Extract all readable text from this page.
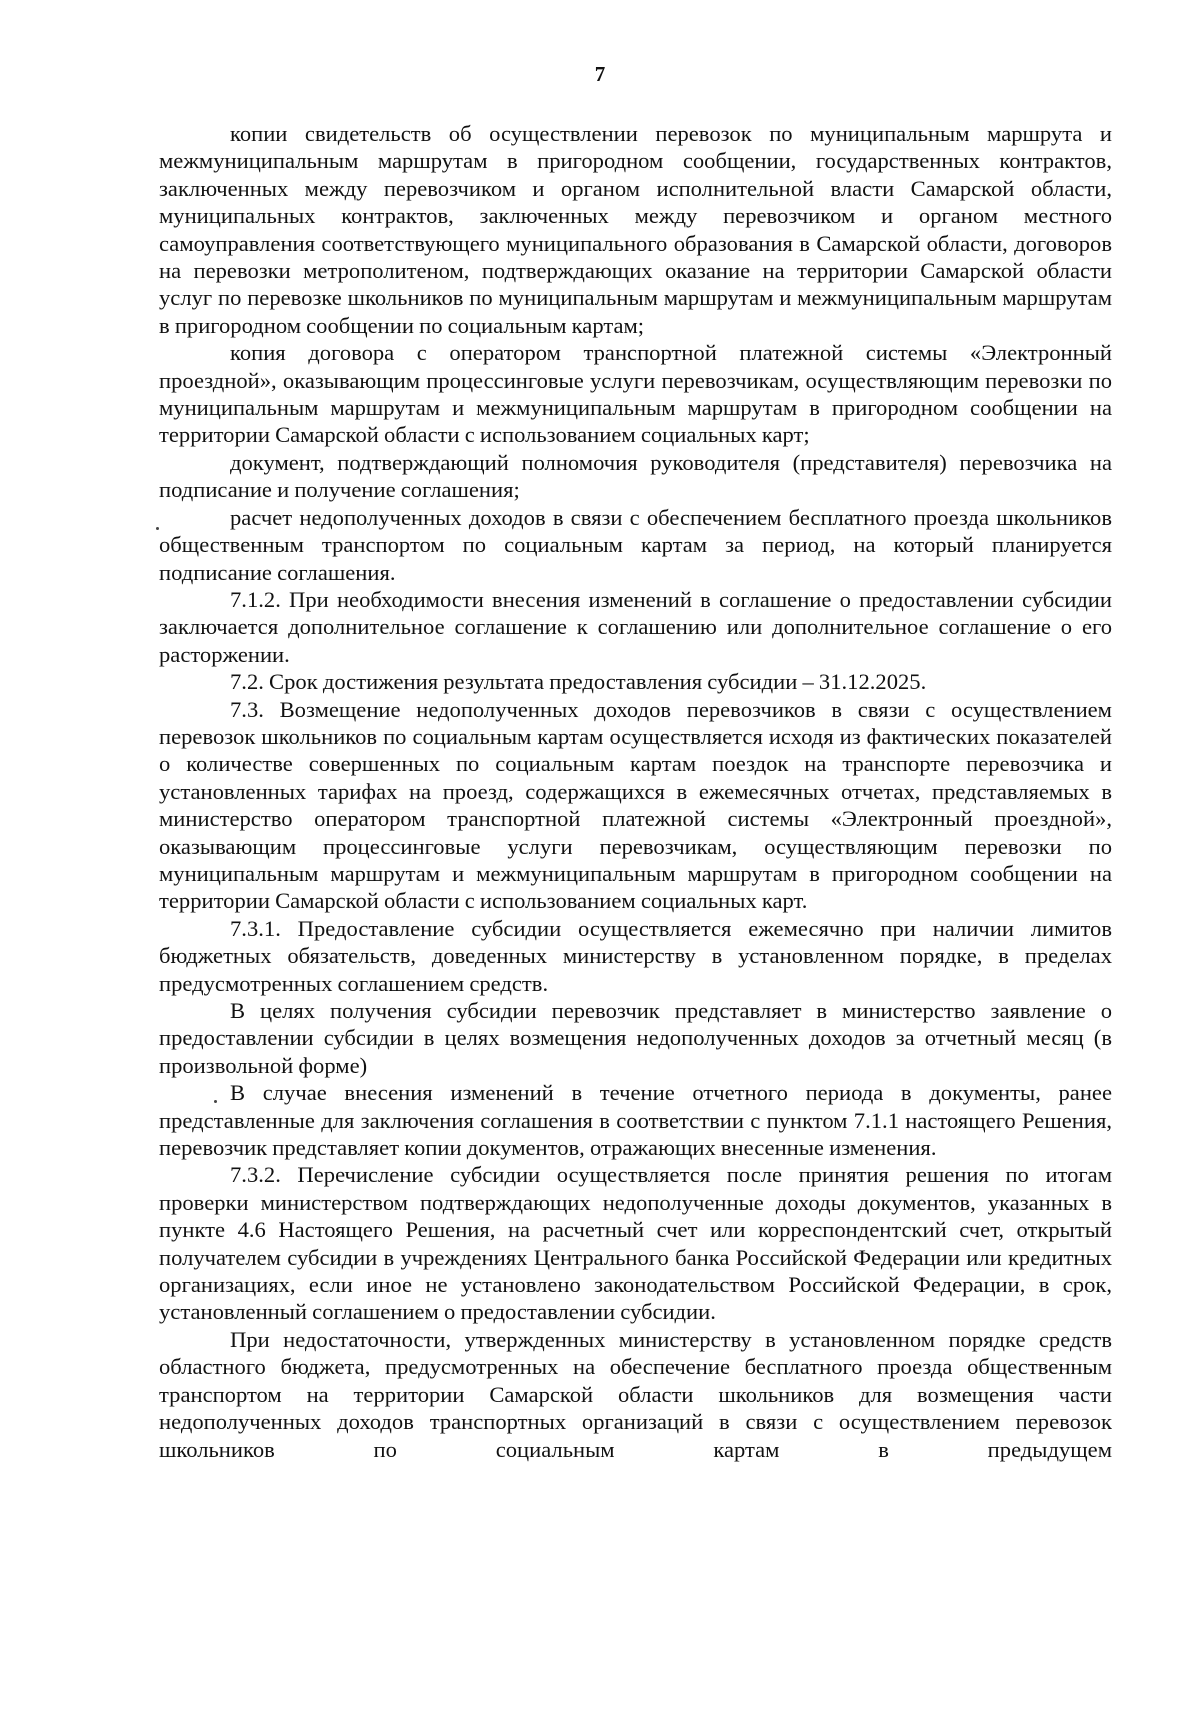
7

копии свидетельств об осуществлении перевозок по муниципальным маршрута и межмуниципальным маршрутам в пригородном сообщении, государственных контрактов, заключенных между перевозчиком и органом исполнительной власти Самарской области, муниципальных контрактов, заключенных между перевозчиком и органом местного самоуправления соответствующего муниципального образования в Самарской области, договоров на перевозки метрополитеном, подтверждающих оказание на территории Самарской области услуг по перевозке школьников по муниципальным маршрутам и межмуниципальным маршрутам в пригородном сообщении по социальным картам;

копия договора с оператором транспортной платежной системы «Электронный проездной», оказывающим процессинговые услуги перевозчикам, осуществляющим перевозки по муниципальным маршрутам и межмуниципальным маршрутам в пригородном сообщении на территории Самарской области с использованием социальных карт;

документ, подтверждающий полномочия руководителя (представителя) перевозчика на подписание и получение соглашения;

расчет недополученных доходов в связи с обеспечением бесплатного проезда школьников общественным транспортом по социальным картам за период, на который планируется подписание соглашения.

7.1.2. При необходимости внесения изменений в соглашение о предоставлении субсидии заключается дополнительное соглашение к соглашению или дополнительное соглашение о его расторжении.

7.2. Срок достижения результата предоставления субсидии – 31.12.2025.

7.3. Возмещение недополученных доходов перевозчиков в связи с осуществлением перевозок школьников по социальным картам осуществляется исходя из фактических показателей о количестве совершенных по социальным картам поездок на транспорте перевозчика и установленных тарифах на проезд, содержащихся в ежемесячных отчетах, представляемых в министерство оператором транспортной платежной системы «Электронный проездной», оказывающим процессинговые услуги перевозчикам, осуществляющим перевозки по муниципальным маршрутам и межмуниципальным маршрутам в пригородном сообщении на территории Самарской области с использованием социальных карт.

7.3.1. Предоставление субсидии осуществляется ежемесячно при наличии лимитов бюджетных обязательств, доведенных министерству в установленном порядке, в пределах предусмотренных соглашением средств.

В целях получения субсидии перевозчик представляет в министерство заявление о предоставлении субсидии в целях возмещения недополученных доходов за отчетный месяц (в произвольной форме)

В случае внесения изменений в течение отчетного периода в документы, ранее представленные для заключения соглашения в соответствии с пунктом 7.1.1 настоящего Решения, перевозчик представляет копии документов, отражающих внесенные изменения.

7.3.2. Перечисление субсидии осуществляется после принятия решения по итогам проверки министерством подтверждающих недополученные доходы документов, указанных в пункте 4.6 Настоящего Решения, на расчетный счет или корреспондентский счет, открытый получателем субсидии в учреждениях Центрального банка Российской Федерации или кредитных организациях, если иное не установлено законодательством Российской Федерации, в срок, установленный соглашением о предоставлении субсидии.

При недостаточности, утвержденных министерству в установленном порядке средств областного бюджета, предусмотренных на обеспечение бесплатного проезда общественным транспортом на территории Самарской области школьников для возмещения части недополученных доходов транспортных организаций в связи с осуществлением перевозок школьников по социальным картам в предыдущем
